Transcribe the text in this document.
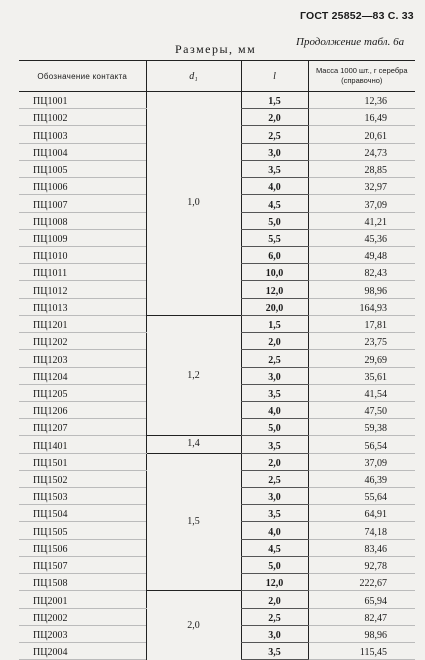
ГОСТ 25852—83 С. 33
Продолжение табл. 6а
Размеры, мм
Обозначение контакта	d₁	l	Масса 1000 шт., г серебра (справочно)
ПЦ1001	1,0	1,5	12,36
ПЦ1002		2,0	16,49
ПЦ1003		2,5	20,61
ПЦ1004		3,0	24,73
ПЦ1005		3,5	28,85
ПЦ1006		4,0	32,97
ПЦ1007		4,5	37,09
ПЦ1008		5,0	41,21
ПЦ1009		5,5	45,36
ПЦ1010		6,0	49,48
ПЦ1011		10,0	82,43
ПЦ1012		12,0	98,96
ПЦ1013		20,0	164,93
ПЦ1201	1,2	1,5	17,81
ПЦ1202		2,0	23,75
ПЦ1203		2,5	29,69
ПЦ1204		3,0	35,61
ПЦ1205		3,5	41,54
ПЦ1206		4,0	47,50
ПЦ1207		5,0	59,38
ПЦ1401	1,4	3,5	56,54
ПЦ1501	1,5	2,0	37,09
ПЦ1502		2,5	46,39
ПЦ1503		3,0	55,64
ПЦ1504		3,5	64,91
ПЦ1505		4,0	74,18
ПЦ1506		4,5	83,46
ПЦ1507		5,0	92,78
ПЦ1508		12,0	222,67
ПЦ2001	2,0	2,0	65,94
ПЦ2002		2,5	82,47
ПЦ2003		3,0	98,96
ПЦ2004		3,5	115,45
